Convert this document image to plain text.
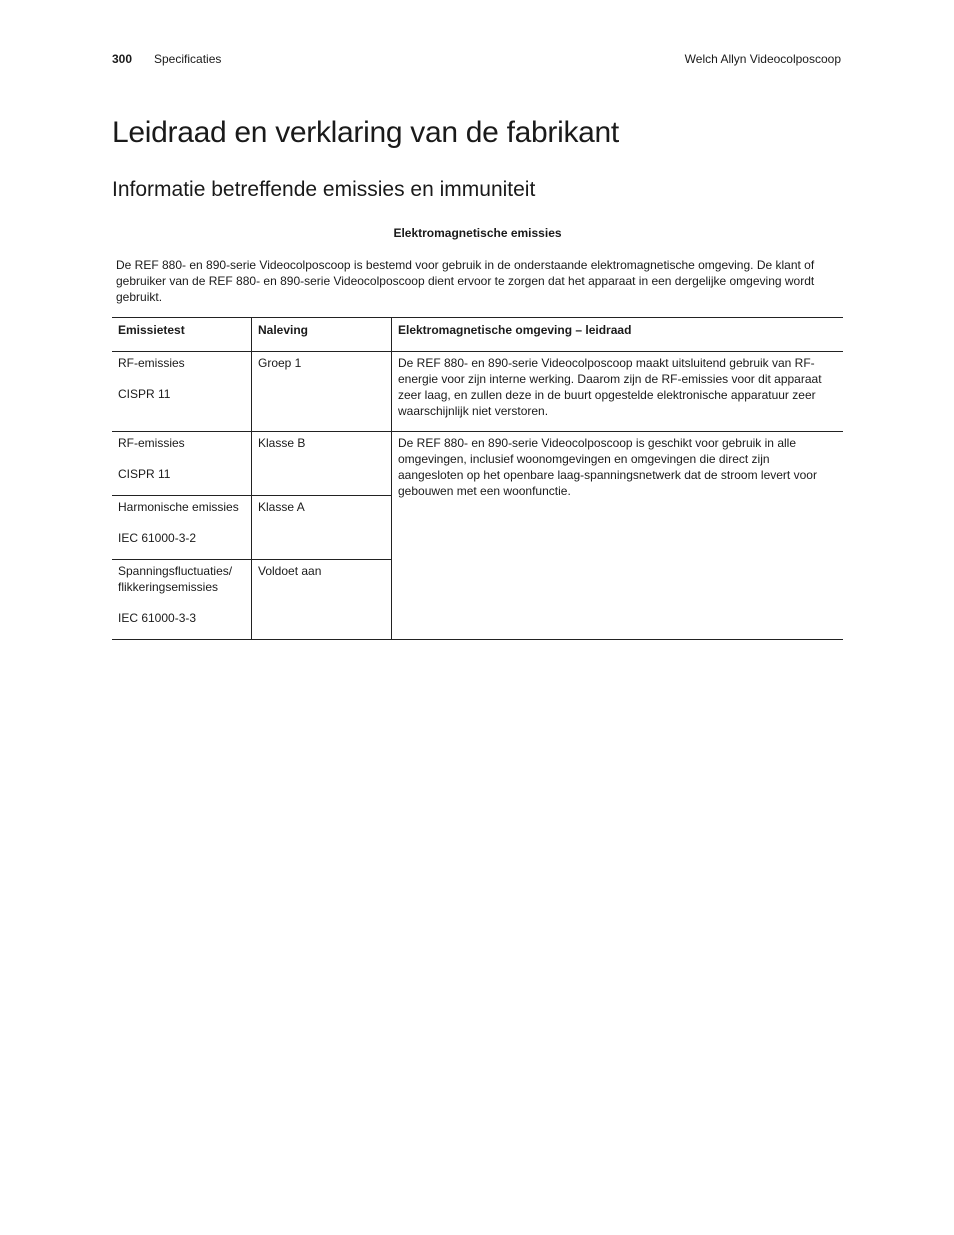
300 Specificaties	Welch Allyn Videocolposcoop
Leidraad en verklaring van de fabrikant
Informatie betreffende emissies en immuniteit
Elektromagnetische emissies
De REF 880- en 890-serie Videocolposcoop is bestemd voor gebruik in de onderstaande elektromagnetische omgeving. De klant of gebruiker van de REF 880- en 890-serie Videocolposcoop dient ervoor te zorgen dat het apparaat in een dergelijke omgeving wordt gebruikt.
Emissietest	Naleving	Elektromagnetische omgeving – leidraad

RF-emissies
CISPR 11	Groep 1	De REF 880- en 890-serie Videocolposcoop maakt uitsluitend gebruik van RF-energie voor zijn interne werking. Daarom zijn de RF-emissies voor dit apparaat zeer laag, en zullen deze in de buurt opgestelde elektronische apparatuur zeer waarschijnlijk niet verstoren.

RF-emissies
CISPR 11	Klasse B	De REF 880- en 890-serie Videocolposcoop is geschikt voor gebruik in alle omgevingen, inclusief woonomgevingen en omgevingen die direct zijn aangesloten op het openbare laag-spanningsnetwerk dat de stroom levert voor gebouwen met een woonfunctie.

Harmonische emissies
IEC 61000-3-2	Klasse A	

Spanningsfluctuaties/
flikkeringsemissies
IEC 61000-3-3	Voldoet aan	
